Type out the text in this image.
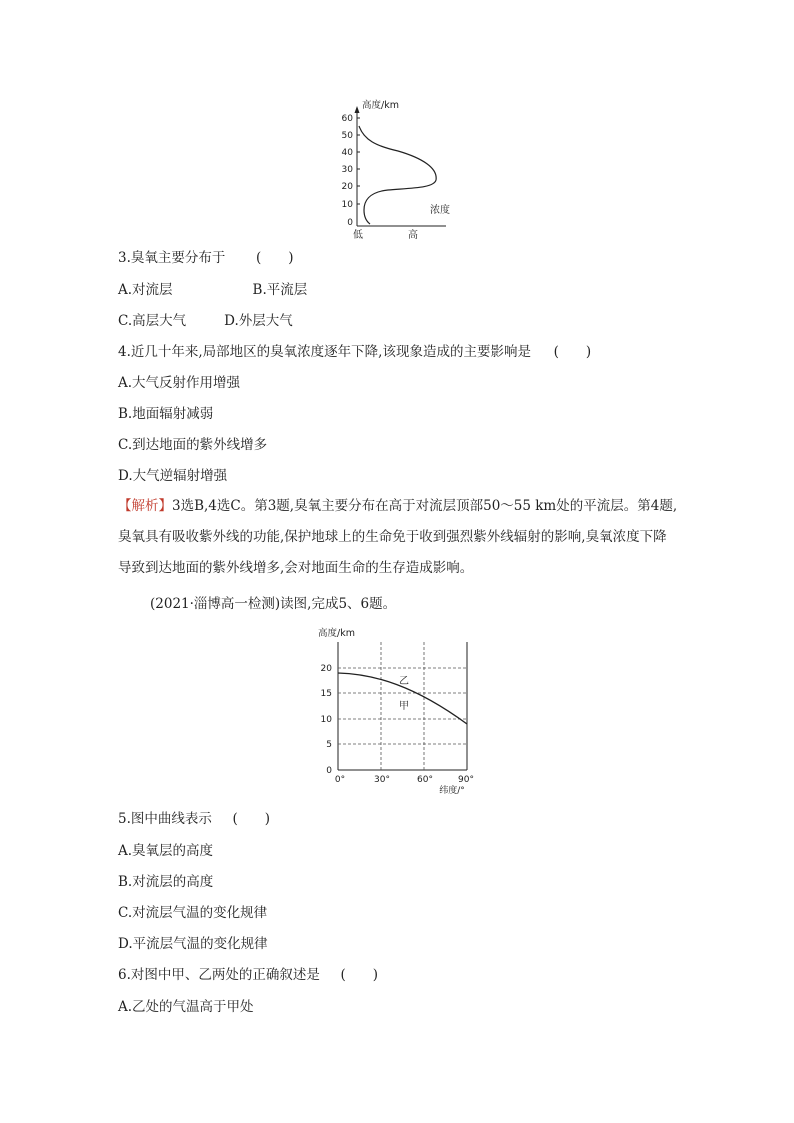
高度/km
60
50
40
30
20
10
0
浓度
低	高
3.臭氧主要分布于 (　　)
A.对流层	B.平流层
C.高层大气	D.外层大气
4.近几十年来,局部地区的臭氧浓度逐年下降,该现象造成的主要影响是 (　　)
A.大气反射作用增强
B.地面辐射减弱
C.到达地面的紫外线增多
D.大气逆辐射增强
【解析】3选B,4选C。第3题,臭氧主要分布在高于对流层顶部50～55 km处的平流层。第4题,臭氧具有吸收紫外线的功能,保护地球上的生命免于收到强烈紫外线辐射的影响,臭氧浓度下降导致到达地面的紫外线增多,会对地面生命的生存造成影响。
(2021·淄博高一检测)读图,完成5、6题。
高度/km
20
15
10
5
0
乙
甲
0°	30°	60°	90°
纬度/°
5.图中曲线表示 (　　)
A.臭氧层的高度
B.对流层的高度
C.对流层气温的变化规律
D.平流层气温的变化规律
6.对图中甲、乙两处的正确叙述是 (　　)
A.乙处的气温高于甲处
